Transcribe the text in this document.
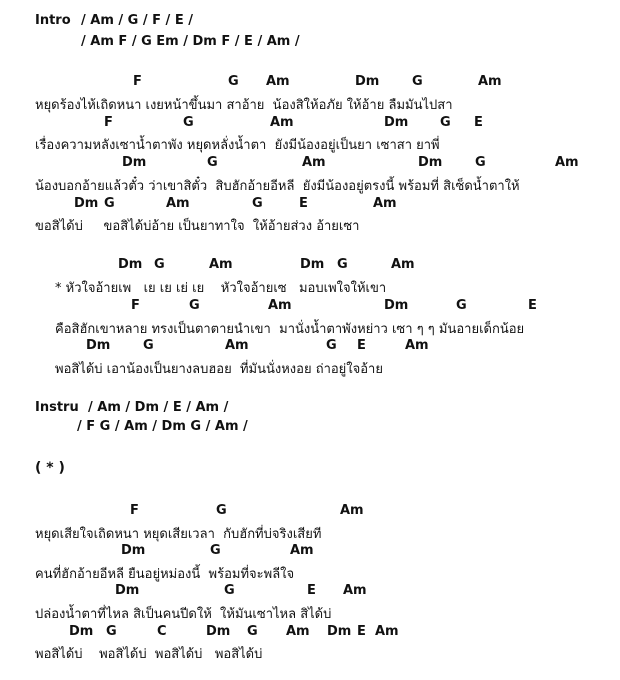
Intro / Am / G / F / E /
/ Am F / G Em / Dm F / E / Am /
F	G Am	Dm	G	Am
หยุดร้องไห้เถิดหนา เงยหน้าขึ้นมา สาอ้าย  น้องสิให้อภัย ให้อ้าย ลืมมันไปสา
F	G	Am	Dm G E
เรื่องความหลังเซาน้ำตาพัง หยุดหลั่งน้ำตา  ยังมีน้องอยู่เป็นยา เซาสา ยาพี่
Dm	G	Am	Dm	G	Am
น้องบอกอ้ายแล้วตั๋ว ว่าเขาสิตั๋ว  สิบฮักอ้ายอีหลี  ยังมีน้องอยู่ตรงนี้ พร้อมที่ สิเซ็ดน้ำตาให้
Dm G	Am	G	E	Am
ขอสิได้บ่     ขอสิได้บ่อ้าย เป็นยาทาใจ  ให้อ้ายส่วง อ้ายเซา
Dm G	Am	Dm G	Am
* หัวใจอ้ายเพ   เย เย เย่ เย    หัวใจอ้ายเซ   มอบเพใจให้เขา
F	G	Am	Dm	G	E
คือสิฮักเขาหลาย ทรงเป็นตาตายนำเขา  มานั่งน้ำตาพังหย่าว เซา ๆ ๆ มันอายเด็กน้อย
Dm	G	Am	G E	Am
พอสิได้บ่ เอาน้องเป็นยางลบฮอย  ที่มันนั่งหงอย ถ่าอยู่ใจอ้าย
Instru / Am / Dm / E / Am /
/ F G / Am / Dm G / Am /
( * )
F	G	Am
หยุดเสียใจเถิดหนา หยุดเสียเวลา  กับฮักที่บ่จริงเสียที
Dm	G	Am
คนที่ฮักอ้ายอีหลี ยืนอยู่หม่องนี้  พร้อมที่จะพลีใจ
Dm	G	E Am
ปล่องน้ำตาที่ไหล สิเป็นคนปีดให้  ให้มันเซาไหล สิได้บ่
Dm G	C	Dm G Am Dm E Am
พอสิได้บ่    พอสิได้บ่  พอสิได้บ่   พอสิได้บ่
